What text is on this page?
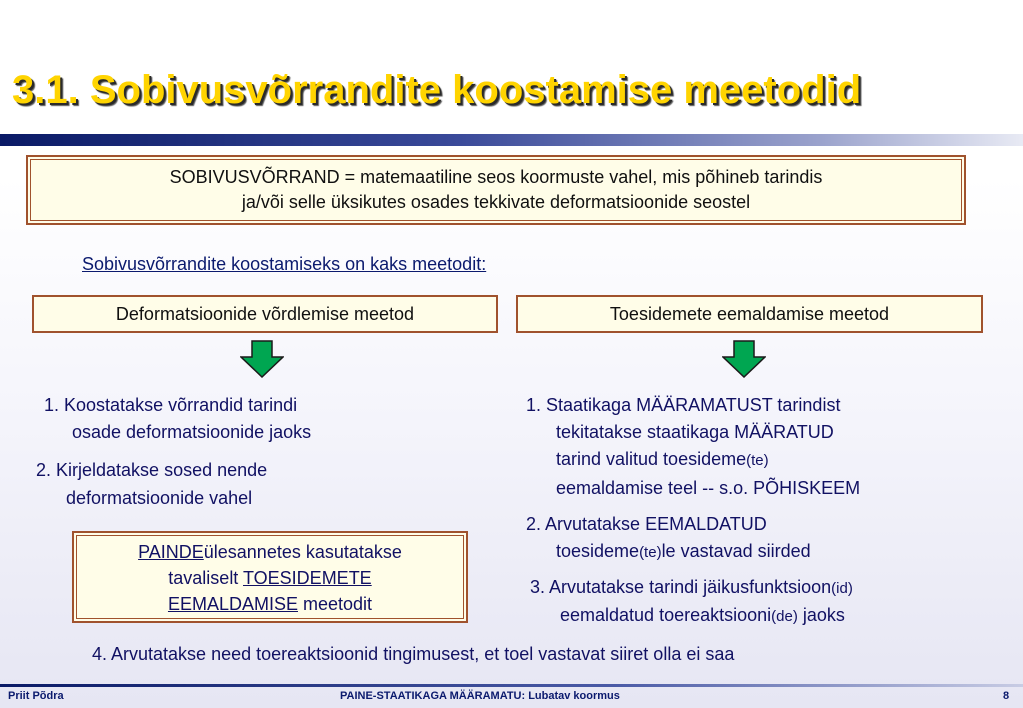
3.1. Sobivusvõrrandite koostamise meetodid
SOBIVUSVÕRRAND = matemaatiline seos koormuste vahel, mis põhineb tarindis
ja/või selle üksikutes osades tekkivate deformatsioonide seostel
Sobivusvõrrandite koostamiseks on kaks meetodit:
Deformatsioonide võrdlemise meetod	Toesidemete eemaldamise meetod
1. Koostatakse võrrandid tarindi
osade deformatsioonide jaoks
2. Kirjeldatakse sosed nende
deformatsioonide vahel
PAINDEülesannetes kasutatakse
tavaliselt TOESIDEMETE
EEMALDAMISE meetodit
1. Staatikaga MÄÄRAMATUST tarindist
tekitatakse staatikaga MÄÄRATUD
tarind valitud toesideme(te)
eemaldamise teel -- s.o. PÕHISKEEM
2. Arvutatakse EEMALDATUD
toesideme(te)le vastavad siirded
3. Arvutatakse tarindi jäikusfunktsioon(id)
eemaldatud toereaktsiooni(de) jaoks
4. Arvutatakse need toereaktsioonid tingimusest, et toel vastavat siiret olla ei saa
Priit Põdra	PAINE-STAATIKAGA MÄÄRAMATU: Lubatav koormus	8
